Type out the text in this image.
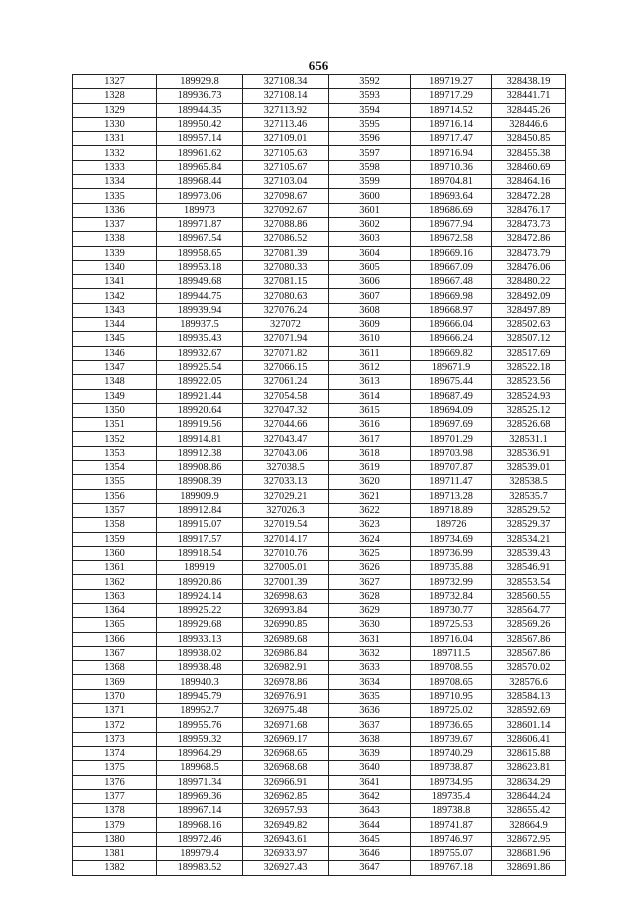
656
1327	189929.8	327108.34	3592	189719.27	328438.19
1328	189936.73	327108.14	3593	189717.29	328441.71
1329	189944.35	327113.92	3594	189714.52	328445.26
1330	189950.42	327113.46	3595	189716.14	328446.6
1331	189957.14	327109.01	3596	189717.47	328450.85
1332	189961.62	327105.63	3597	189716.94	328455.38
1333	189965.84	327105.67	3598	189710.36	328460.69
1334	189968.44	327103.04	3599	189704.81	328464.16
1335	189973.06	327098.67	3600	189693.64	328472.28
1336	189973	327092.67	3601	189686.69	328476.17
1337	189971.87	327088.86	3602	189677.94	328473.73
1338	189967.54	327086.52	3603	189672.58	328472.86
1339	189958.65	327081.39	3604	189669.16	328473.79
1340	189953.18	327080.33	3605	189667.09	328476.06
1341	189949.68	327081.15	3606	189667.48	328480.22
1342	189944.75	327080.63	3607	189669.98	328492.09
1343	189939.94	327076.24	3608	189668.97	328497.89
1344	189937.5	327072	3609	189666.04	328502.63
1345	189935.43	327071.94	3610	189666.24	328507.12
1346	189932.67	327071.82	3611	189669.82	328517.69
1347	189925.54	327066.15	3612	189671.9	328522.18
1348	189922.05	327061.24	3613	189675.44	328523.56
1349	189921.44	327054.58	3614	189687.49	328524.93
1350	189920.64	327047.32	3615	189694.09	328525.12
1351	189919.56	327044.66	3616	189697.69	328526.68
1352	189914.81	327043.47	3617	189701.29	328531.1
1353	189912.38	327043.06	3618	189703.98	328536.91
1354	189908.86	327038.5	3619	189707.87	328539.01
1355	189908.39	327033.13	3620	189711.47	328538.5
1356	189909.9	327029.21	3621	189713.28	328535.7
1357	189912.84	327026.3	3622	189718.89	328529.52
1358	189915.07	327019.54	3623	189726	328529.37
1359	189917.57	327014.17	3624	189734.69	328534.21
1360	189918.54	327010.76	3625	189736.99	328539.43
1361	189919	327005.01	3626	189735.88	328546.91
1362	189920.86	327001.39	3627	189732.99	328553.54
1363	189924.14	326998.63	3628	189732.84	328560.55
1364	189925.22	326993.84	3629	189730.77	328564.77
1365	189929.68	326990.85	3630	189725.53	328569.26
1366	189933.13	326989.68	3631	189716.04	328567.86
1367	189938.02	326986.84	3632	189711.5	328567.86
1368	189938.48	326982.91	3633	189708.55	328570.02
1369	189940.3	326978.86	3634	189708.65	328576.6
1370	189945.79	326976.91	3635	189710.95	328584.13
1371	189952.7	326975.48	3636	189725.02	328592.69
1372	189955.76	326971.68	3637	189736.65	328601.14
1373	189959.32	326969.17	3638	189739.67	328606.41
1374	189964.29	326968.65	3639	189740.29	328615.88
1375	189968.5	326968.68	3640	189738.87	328623.81
1376	189971.34	326966.91	3641	189734.95	328634.29
1377	189969.36	326962.85	3642	189735.4	328644.24
1378	189967.14	326957.93	3643	189738.8	328655.42
1379	189968.16	326949.82	3644	189741.87	328664.9
1380	189972.46	326943.61	3645	189746.97	328672.95
1381	189979.4	326933.97	3646	189755.07	328681.96
1382	189983.52	326927.43	3647	189767.18	328691.86
